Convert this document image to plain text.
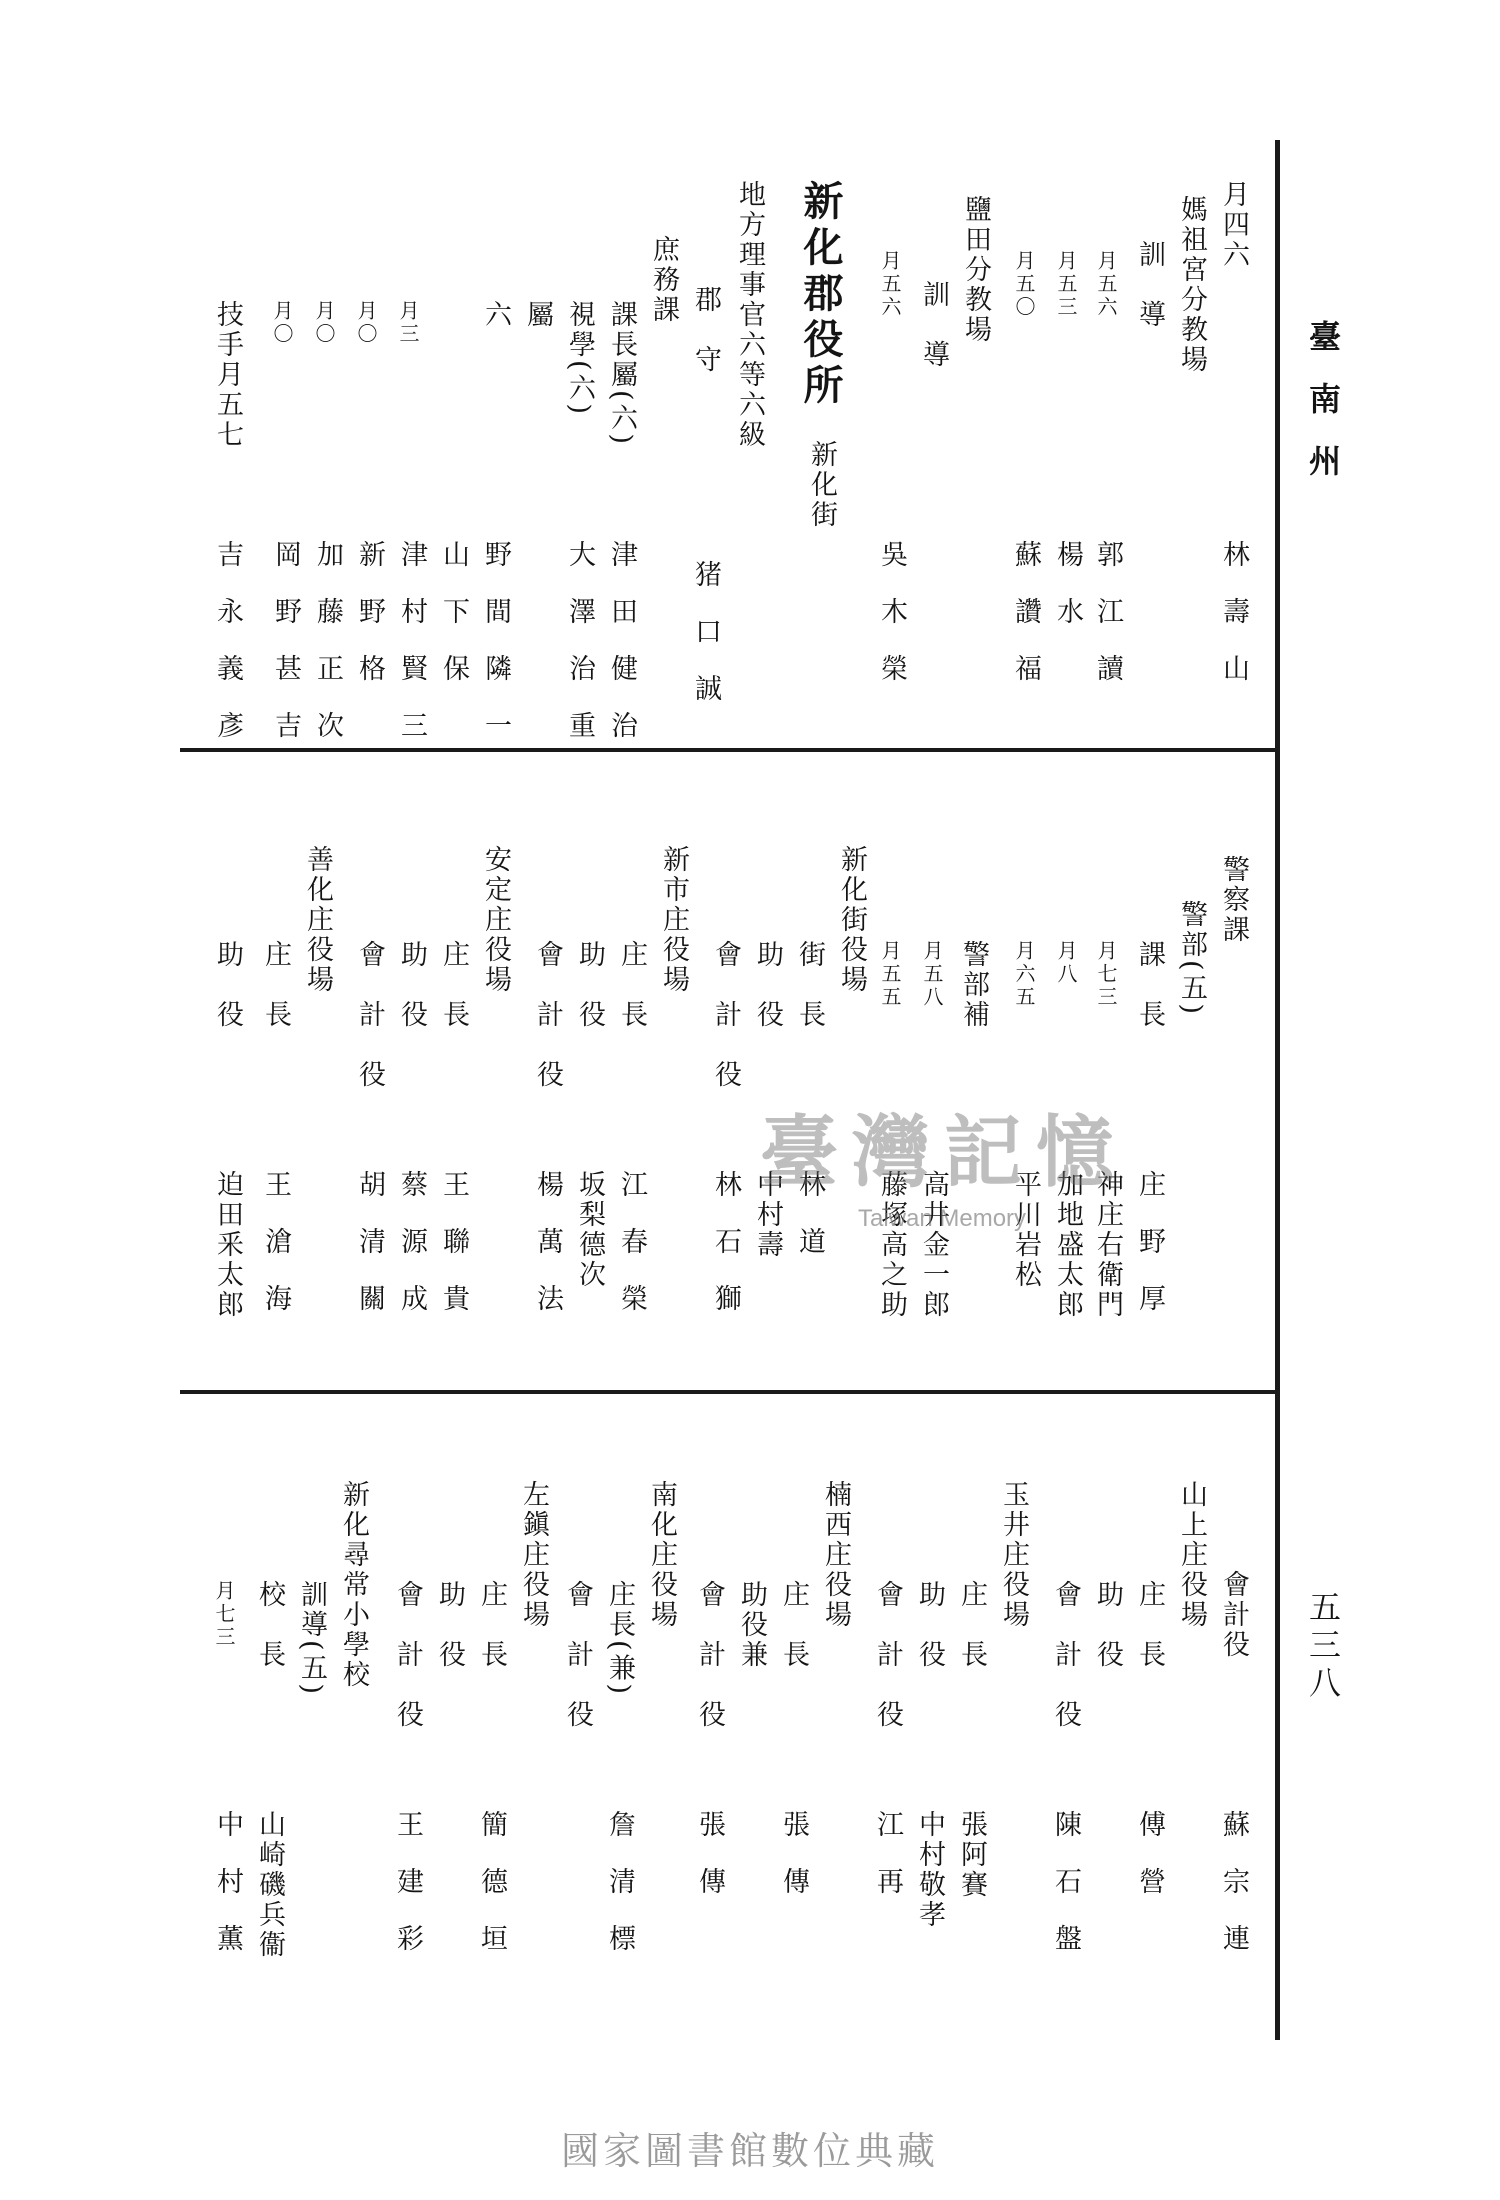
臺南州
五三八
月四六
林壽山
媽祖宮分教場
訓　導
郭江讀
月五六
楊水
月五三
蘇讚福
月五〇
鹽田分教場
訓　導
吳木榮
月五六
新化郡役所
新化街
地方理事官六等六級
郡　守
猪口誠
庶務課
課長屬(六)
津田健治
視學(六)
大澤治重
屬
野間隣一
六
山下保
月三
津村賢三
月〇
新野格
月〇
加藤正次
月〇
岡野甚吉
技手月五七
吉永義彥
警察課
警部(五)
課　長
庄野厚
月七三
神庄右衛門
月八
加地盛太郎
月六五
平川岩松
警部補
月五八
高井金一郎
月五五
藤塚高之助
新化街役場
街　長
林道
助　役
中村壽
會　計　役
林石獅
新市庄役場
庄　長
江春榮
助　役
坂梨德次
會　計　役
楊萬法
安定庄役場
庄　長
王聯貴
助　役
蔡源成
會　計　役
胡清關
善化庄役場
庄　長
王滄海
助　役
迫田釆太郎
會計役
蘇宗連
山上庄役場
庄　長
傅營
助　役
會　計　役
陳石盤
玉井庄役場
庄　長
張阿賽
助　役
中村敬孝
會　計　役
江再
楠西庄役場
庄　長
張傳
助役兼
會　計　役
張傳
南化庄役場
庄長(兼)
詹清標
會　計　役
左鎭庄役場
庄　長
簡德垣
助　役
會　計　役
王建彩
新化尋常小學校
訓導(五)
校　長
山崎磯兵衞
月七三
中村薫
臺灣記憶
Taiwan Memory
國家圖書館數位典藏
